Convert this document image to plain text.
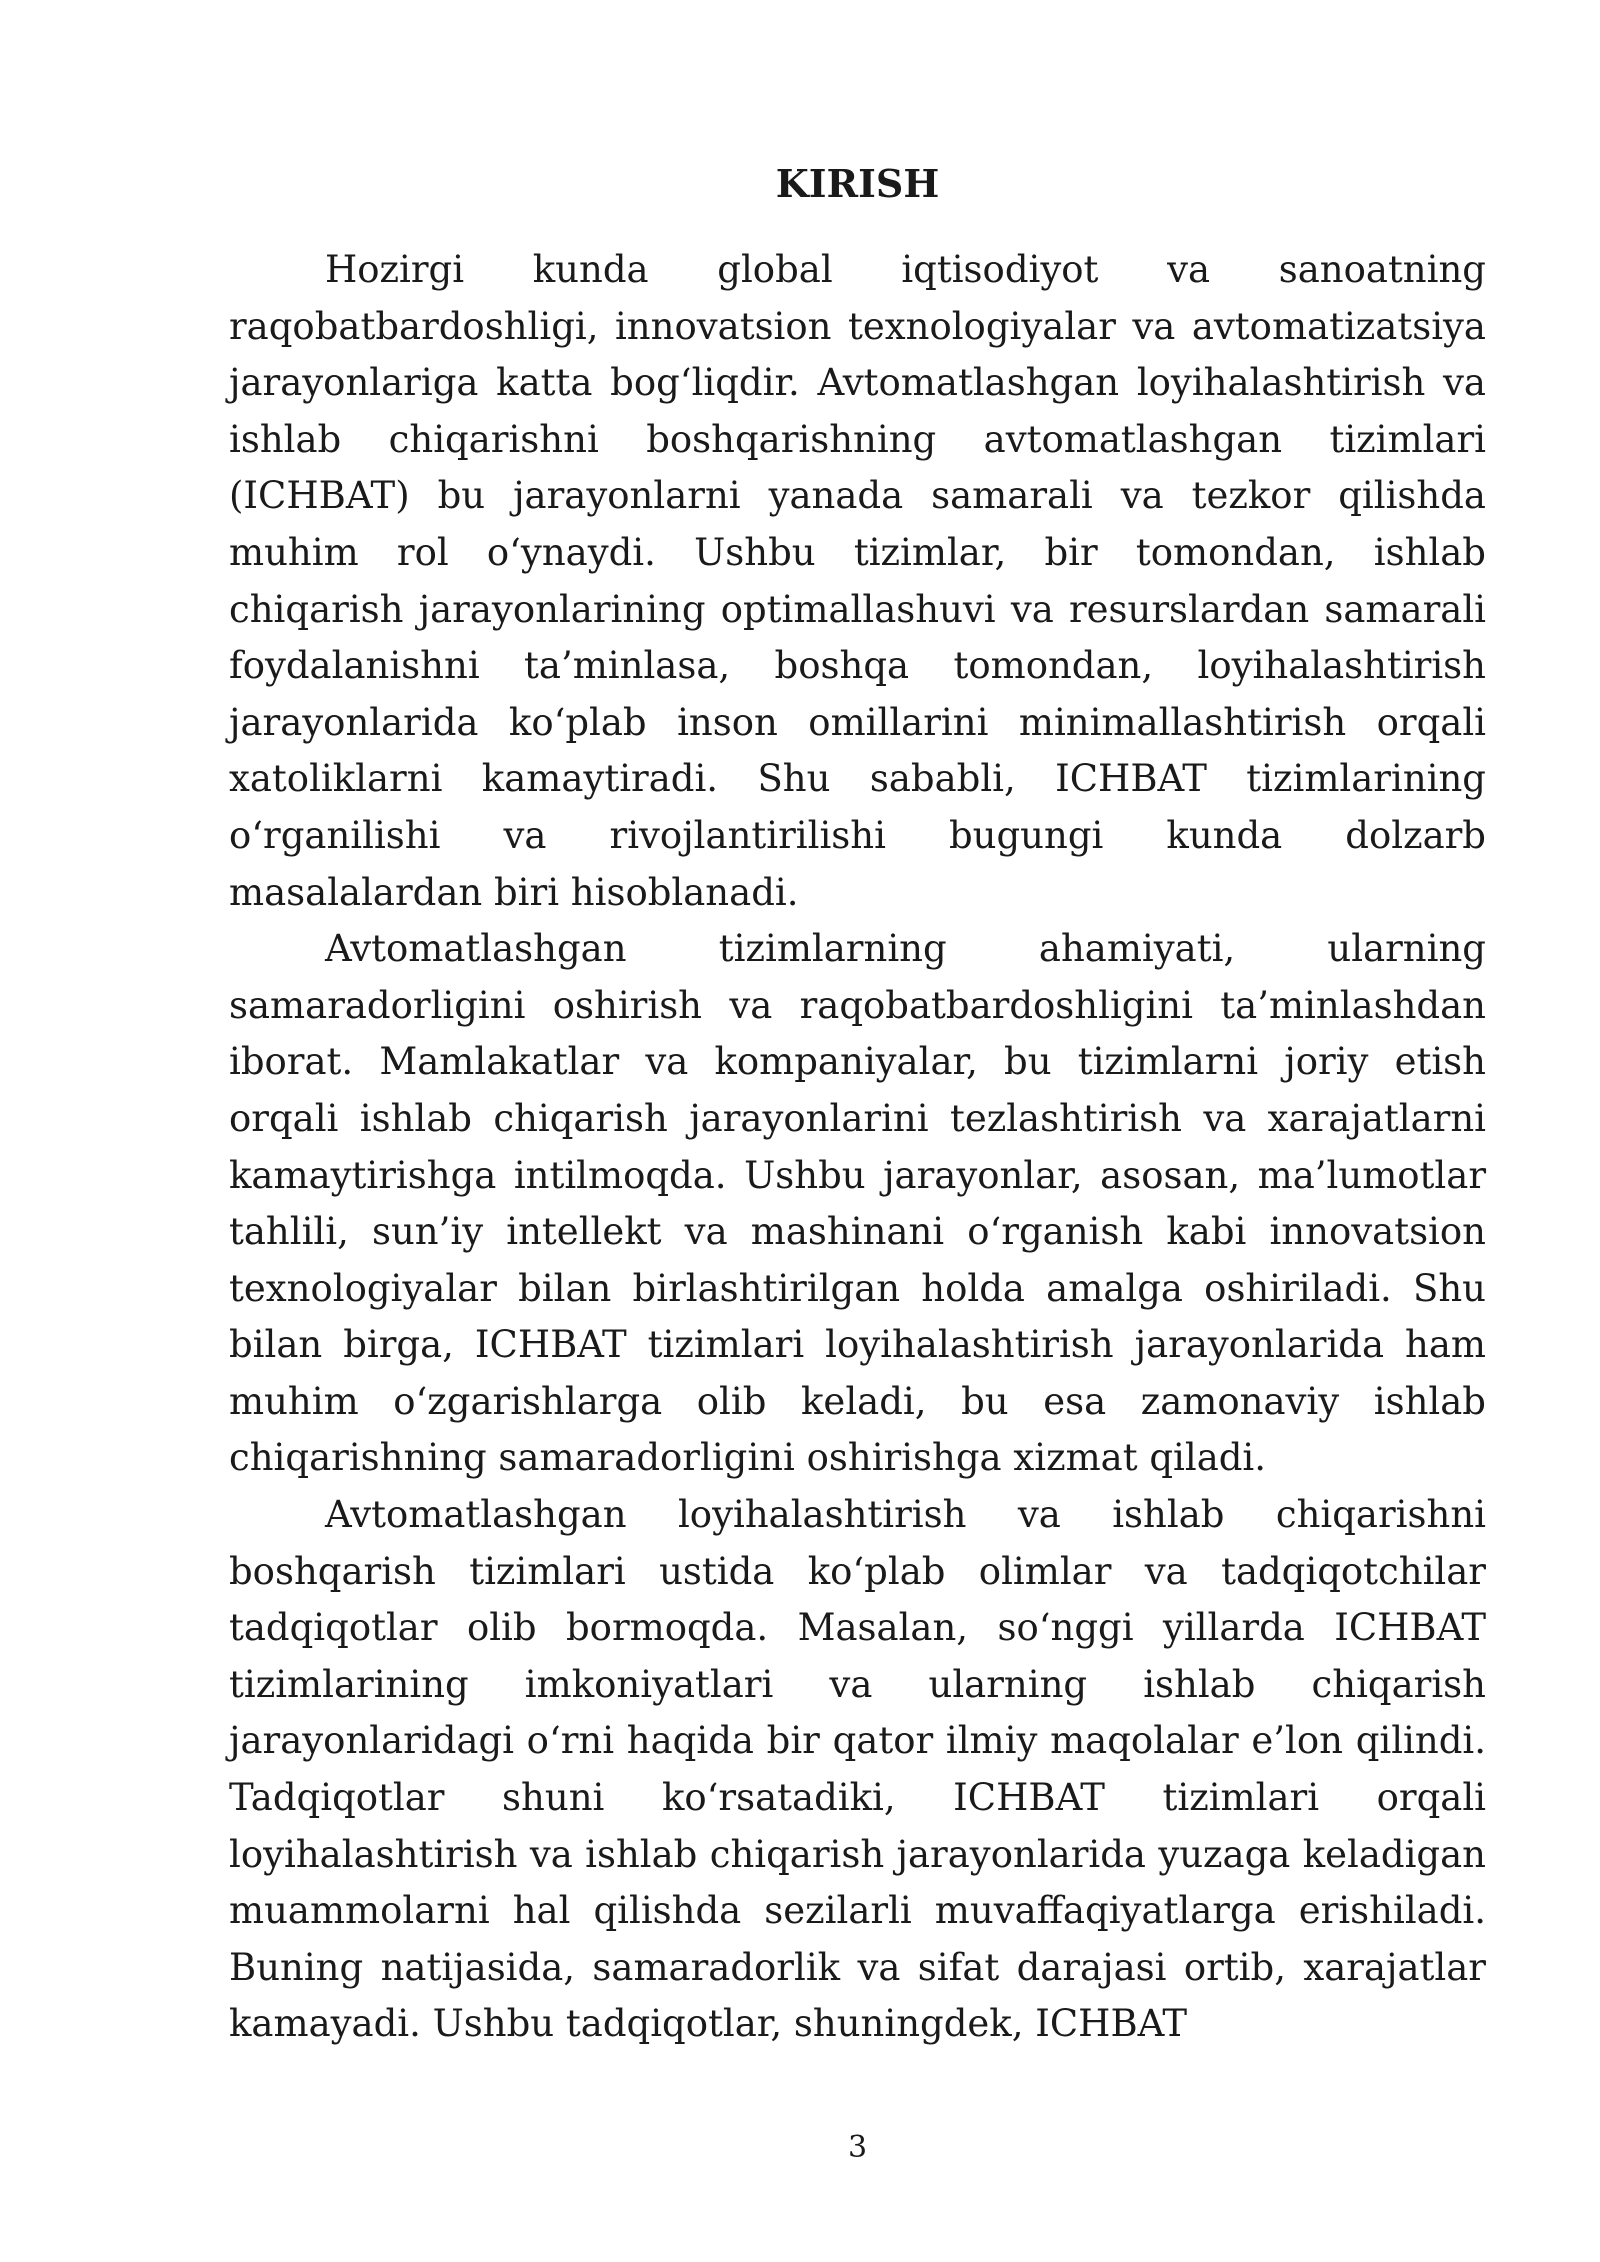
KIRISH

Hozirgi kunda global iqtisodiyot va sanoatning raqobatbardoshligi, innovatsion texnologiyalar va avtomatizatsiya jarayonlariga katta bog‘liqdir. Avtomatlashgan loyihalashtirish va ishlab chiqarishni boshqarishning avtomatlashgan tizimlari (ICHBAT) bu jarayonlarni yanada samarali va tezkor qilishda muhim rol o‘ynaydi. Ushbu tizimlar, bir tomondan, ishlab chiqarish jarayonlarining optimallashuvi va resurslardan samarali foydalanishni ta’minlasa, boshqa tomondan, loyihalashtirish jarayonlarida ko‘plab inson omillarini minimallashtirish orqali xatoliklarni kamaytiradi. Shu sababli, ICHBAT tizimlarining o‘rganilishi va rivojlantirilishi bugungi kunda dolzarb masalalardan biri hisoblanadi.

Avtomatlashgan tizimlarning ahamiyati, ularning samaradorligini oshirish va raqobatbardoshligini ta’minlashdan iborat. Mamlakatlar va kompaniyalar, bu tizimlarni joriy etish orqali ishlab chiqarish jarayonlarini tezlashtirish va xarajatlarni kamaytirishga intilmoqda. Ushbu jarayonlar, asosan, ma’lumotlar tahlili, sun’iy intellekt va mashinani o‘rganish kabi innovatsion texnologiyalar bilan birlashtirilgan holda amalga oshiriladi. Shu bilan birga, ICHBAT tizimlari loyihalashtirish jarayonlarida ham muhim o‘zgarishlarga olib keladi, bu esa zamonaviy ishlab chiqarishning samaradorligini oshirishga xizmat qiladi.

Avtomatlashgan loyihalashtirish va ishlab chiqarishni boshqarish tizimlari ustida ko‘plab olimlar va tadqiqotchilar tadqiqotlar olib bormoqda. Masalan, so‘nggi yillarda ICHBAT tizimlarining imkoniyatlari va ularning ishlab chiqarish jarayonlaridagi o‘rni haqida bir qator ilmiy maqolalar e’lon qilindi. Tadqiqotlar shuni ko‘rsatadiki, ICHBAT tizimlari orqali loyihalashtirish va ishlab chiqarish jarayonlarida yuzaga keladigan muammolarni hal qilishda sezilarli muvaffaqiyatlarga erishiladi. Buning natijasida, samaradorlik va sifat darajasi ortib, xarajatlar kamayadi. Ushbu tadqiqotlar, shuningdek, ICHBAT

3
